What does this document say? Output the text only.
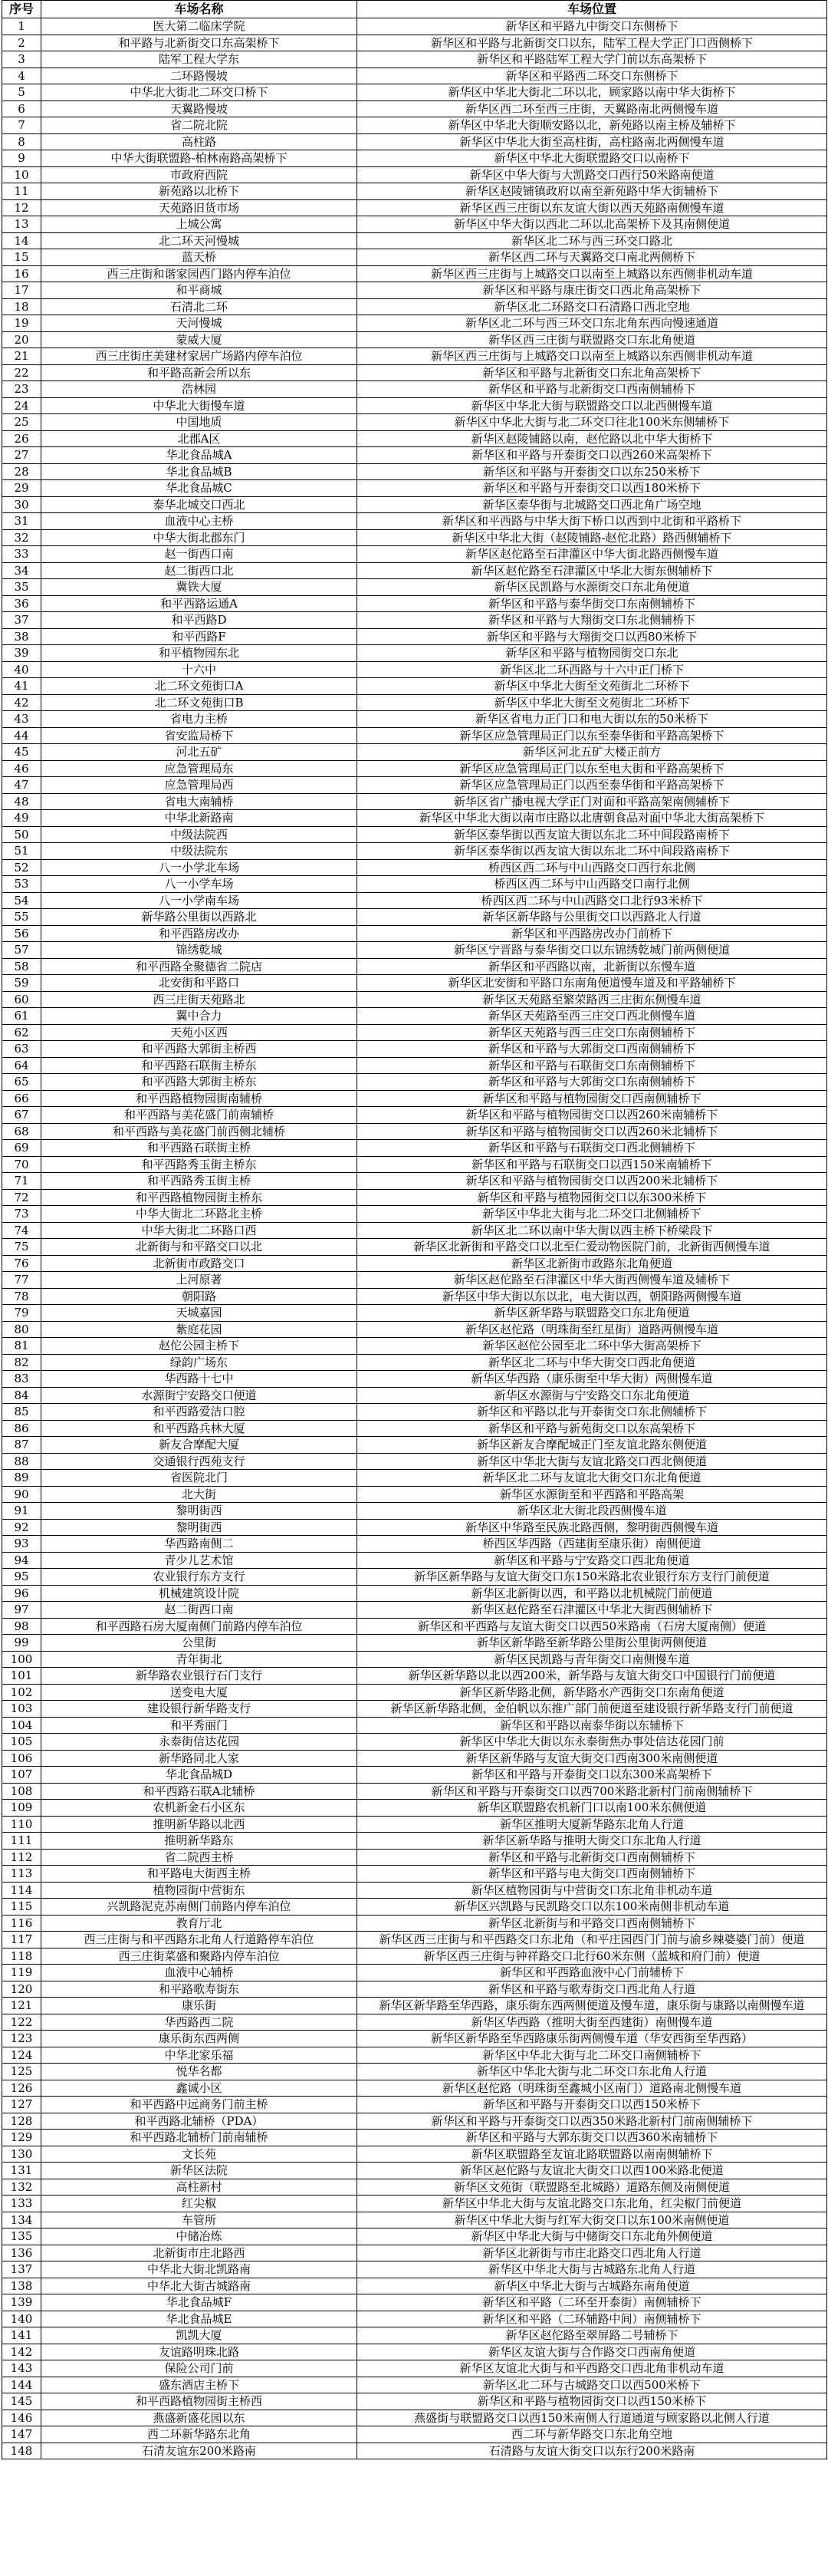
序号	车场名称	车场位置
1	医大第二临床学院	新华区和平路九中街交口东侧桥下
2	和平路与北新街交口东高架桥下	新华区和平路与北新街交口以东，陆军工程大学正门口西侧桥下
3	陆军工程大学东	新华区和平路陆军工程大学门前以东高架桥下
4	二环路慢坡	新华区和平路西二环交口东侧桥下
5	中华北大街北二环交口桥下	新华区中华北大街北二环以北，顾家路以南中华大街桥下
6	天翼路慢坡	新华区西二环至西三庄街，天翼路南北两侧慢车道
7	省二院北院	新华区中华北大街顺安路以北，新苑路以南主桥及辅桥下
8	高柱路	新华区中华北大街至高柱街，高柱路南北两侧慢车道
9	中华大街联盟路-柏林南路高架桥下	新华区中华北大街联盟路交口以南桥下
10	市政府西院	新华区中华大街与大凯路交口西行50米路南便道
11	新苑路以北桥下	新华区赵陵铺镇政府以南至新苑路中华大街辅桥下
12	天苑路旧货市场	新华区西三庄街以东友谊大街以西天苑路南侧慢车道
13	上城公寓	新华区中华大街以西北二环以北高架桥下及其南侧便道
14	北二环天河慢城	新华区北二环与西三环交口路北
15	蓝天桥	新华区西二环与天翼路交口南北两侧桥下
16	西三庄街和谐家园西门路内停车泊位	新华区西三庄街与上城路交口以南至上城路以东西侧非机动车道
17	和平商城	新华区和平路与康庄街交口西北角高架桥下
18	石清北二环	新华区北二环路交口石清路口西北空地
19	天河慢城	新华区北二环与西三环交口东北角东西向慢速通道
20	蒙威大厦	新华区西三庄街与联盟路交口东北角便道
21	西三庄街庄美建材家居广场路内停车泊位	新华区西三庄街与上城路交口以南至上城路以东西侧非机动车道
22	和平路高新会所以东	新华区和平路与北新街交口东北角高架桥下
23	浩林园	新华区和平路与北新街交口西南侧辅桥下
24	中华北大街慢车道	新华区中华北大街与联盟路交口以北西侧慢车道
25	中国地质	新华区中华北大街与北二环交口往北100米东侧辅桥下
26	北郡A区	新华区赵陵铺路以南，赵佗路以北中华大街桥下
27	华北食品城A	新华区和平路与开泰街交口以西260米高架桥下
28	华北食品城B	新华区和平路与开泰街交口以东250米桥下
29	华北食品城C	新华区和平路与开泰街交口以西180米桥下
30	泰华北城交口西北	新华区泰华街与北城路交口西北角广场空地
31	血液中心主桥	新华区和平西路与中华大街下桥口以西到中北街和平路桥下
32	中华大街北郡东门	新华区中华北大街（赵陵铺路-赵佗北路）路西侧辅桥下
33	赵一街西口南	新华区赵佗路至石津灌区中华大街北路西侧慢车道
34	赵二街西口北	新华区赵佗路至石津灌区中华北大街东侧辅桥下
35	冀铁大厦	新华区民凯路与水源街交口东北角便道
36	和平西路运通A	新华区和平路与泰华街交口东南侧辅桥下
37	和平西路D	新华区和平路与大翔街交口东北侧辅桥下
38	和平西路F	新华区和平路与大翔街交口以西80米桥下
39	和平植物园东北	新华区和平路与植物园街交口东北
40	十六中	新华区北二环西路与十六中正门桥下
41	北二环文苑街口A	新华区中华北大街至文苑街北二环桥下
42	北二环文苑街口B	新华区中华北大街至文苑街北二环桥下
43	省电力主桥	新华区省电力正门口和电大街以东的50米桥下
44	省安监局桥下	新华区应急管理局正门以东至泰华街和平路高架桥下
45	河北五矿	新华区河北五矿大楼正前方
46	应急管理局东	新华区应急管理局正门以东至电大街和平路高架桥下
47	应急管理局西	新华区应急管理局正门以西至泰华街和平路高架桥下
48	省电大南辅桥	新华区省广播电视大学正门对面和平路高架南侧辅桥下
49	中华北新路南	新华区中华北大街以南市庄路以北唐朝食品对面中华北大街高架桥下
50	中级法院西	新华区泰华街以西友谊大街以东北二环中间段路南桥下
51	中级法院东	新华区泰华街以西友谊大街以东北二环中间段路南桥下
52	八一小学北车场	桥西区西二环与中山西路交口西行东北侧
53	八一小学车场	桥西区西二环与中山西路交口南行北侧
54	八一小学南车场	桥西区西二环与中山西路交口北行93米桥下
55	新华路公里街以西路北	新华区新华路与公里街交口以西路北人行道
56	和平西路房改办	新华区和平西路房改办门前桥下
57	锦绣乾城	新华区宁晋路与泰华街交口以东锦绣乾城门前两侧便道
58	和平西路全聚德省二院店	新华区和平西路以南，北新街以东慢车道
59	北安街和平路口	新华区北安街和平路口东南角便道慢车道及和平路辅桥下
60	西三庄街天苑路北	新华区天苑路至繁荣路西三庄街东侧慢车道
61	翼中合力	新华区天苑路至西三庄交口西北侧慢车道
62	天苑小区西	新华区天苑路与西三庄交口东南侧辅桥下
63	和平西路大郭街主桥西	新华区和平路与大郭街交口西南侧辅桥下
64	和平西路石联街主桥东	新华区和平路与石联街交口东南侧辅桥下
65	和平西路大郭街主桥东	新华区和平路与大郭街交口东南侧辅桥下
66	和平西路植物园街南辅桥	新华区和平路与植物园街交口西南侧辅桥下
67	和平西路与美花盛门前南辅桥	新华区和平路与植物园街交口以西260米南辅桥下
68	和平西路与美花盛门前西侧北辅桥	新华区和平路与植物园街交口以西260米北辅桥下
69	和平西路石联街主桥	新华区和平路与石联街交口西北侧辅桥下
70	和平西路秀玉街主桥东	新华区和平路与石联街交口以西150米南辅桥下
71	和平西路秀玉街主桥	新华区和平路与植物园街交口以西200米北辅桥下
72	和平西路植物园街主桥东	新华区和平路与植物园街交口以东300米桥下
73	中华大街北二环路北主桥	新华区中华北大街与北二环交口北侧辅桥下
74	中华大街北二环路口西	新华区北二环以南中华大街以西主桥下桥梁段下
75	北新街与和平路交口以北	新华区北新街和平路交口以北至仁爱动物医院门前，北新街西侧慢车道
76	北新街市政路交口	新华区北新街市政路东北角便道
77	上河原著	新华区赵佗路至石津灌区中华大街西侧慢车道及辅桥下
78	朝阳路	新华区中华大街以东以北，电大街以西，朝阳路两侧慢车道
79	天城嘉园	新华区新华路与联盟路交口东北角便道
80	紫庭花园	新华区赵佗路（明珠街至红星街）道路两侧慢车道
81	赵佗公园主桥下	新华区赵佗公园至北二环中华大街高架桥下
82	绿韵广场东	新华区北二环与中华大街交口西北角便道
83	华西路十七中	新华区华西路（康乐街至中华大街）两侧慢车道
84	水源街宁安路交口便道	新华区水源街与宁安路交口东北角便道
85	和平西路爱洁口腔	新华区和平路以北与开泰街交口东北侧辅桥下
86	和平西路兵林大厦	新华区和平路与新苑街交口以东高架桥下
87	新友合摩配大厦	新华区新友合摩配城正门至友谊北路东侧便道
88	交通银行西苑支行	新华区中华北大街与友谊北路交口西北侧便道
89	省医院北门	新华区北二环与友谊北大街交口东北角便道
90	北大街	新华区水源街至和平西路和平路高架
91	黎明街西	新华区北大街北段西侧慢车道
92	黎明街西	新华区中华路至民族北路西侧，黎明街西侧慢车道
93	华西路南侧二	桥西区华西路（西建街至康乐街）南侧便道
94	青少儿艺术馆	新华区和平路与宁安路交口西北角便道
95	农业银行东方支行	新华区新华路与友谊大街交口东150米路北农业银行东方支行门前便道
96	机械建筑设计院	新华区北新街以西，和平路以北机械院门前便道
97	赵二街西口南	新华区赵佗路至石津灌区中华北大街西侧辅桥下
98	和平西路石房大厦南侧门前路内停车泊位	新华区和平西路与友谊大街交口以西50米路南（石房大厦南侧）便道
99	公里街	新华区新华路至新华路公里街公里街两侧便道
100	青年街北	新华区民凯路与青年街交口南侧慢车道
101	新华路农业银行石门支行	新华区新华路以北以西200米，新华路与友谊大街交口中国银行门前便道
102	送变电大厦	新华区新华路北侧，新华路水产西街交口东南角便道
103	建设银行新华路支行	新华区新华路北侧，金伯帆以东推广部门前便道至建设银行新华路支行门前便道
104	和平秀丽门	新华区和平路以南泰华街以东辅桥下
105	永泰街信达花园	新华区中华北大街以东永泰街焦办事处信达花园门前
106	新华路同北人家	新华区新华路与友谊大街交口西南300米南侧便道
107	华北食品城D	新华区和平路与开泰街交口以东300米高架桥下
108	和平西路石联A北辅桥	新华区和平路与开泰街交口以西700米路北新村门前南侧辅桥下
109	农机新金石小区东	新华区联盟路农机新门口以南100米东侧便道
110	推明新华路以北西	新华区推明大厦新华路东北角人行道
111	推明新华路东	新华区新华路与推明大街交口东北角人行道
112	省二院西主桥	新华区和平路与北新街交口西南侧辅桥下
113	和平路电大街西主桥	新华区和平路与电大街交口西南侧辅桥下
114	植物园街中营街东	新华区植物园街与中营街交口东北角非机动车道
115	兴凯路泥克苏南侧门前路内停车泊位	新华区兴凯路与民凯路交口以东100米南侧非机动车道
116	教育厅北	新华区北新街与和平路交口西南侧辅桥下
117	西三庄街与和平西路东北角人行道路停车泊位	新华区西三庄街与和平西路交口东北角（和平庄园西门门前与渝乡辣婆婆门前）便道
118	西三庄街菜盛和聚路内停车泊位	新华区西三庄街与钟祥路交口北行60米东侧（蓝城和府门前）便道
119	血液中心辅桥	新华区和平西路血液中心门前辅桥下
120	和平路歌寿街东	新华区和平路与歌寿街交口西北角人行道
121	康乐街	新华区新华路至华西路，康乐街东西两侧便道及慢车道，康乐街与康路以南侧慢车道
122	华西路西二院	新华区华西路（推明大街至西建街）南侧慢车道
123	康乐街东西两侧	新华区新华路至华西路康乐街两侧慢车道（华安西街至华西路）
124	中华北家乐福	新华区中华北大街与北二环交口南侧辅桥下
125	悦华名都	新华区中华北大街与北二环交口东北角人行道
126	鑫诚小区	新华区赵佗路（明珠街至鑫城小区南门）道路南北侧慢车道
127	和平西路中远商务门前主桥	新华区和平路与开泰街交口以西150米桥下
128	和平西路北辅桥（PDA）	新华区和平路与开泰街交口以西350米路北新村门前南侧辅桥下
129	和平西路北辅桥门前南辅桥	新华区和平路与大郭东街交口以西360米南辅桥下
130	文长苑	新华区联盟路至友谊北路联盟路以南南侧辅桥下
131	新华区法院	新华区赵佗路与友谊北大街交口以西100米路北便道
132	高柱新村	新华区文苑街（联盟路至北城路）道路东侧及南侧便道
133	红尖椒	新华区中华北大街与友谊北路交口东北角，红尖椒门前便道
134	车管所	新华区中华北大街与红军大街交口以东100米南侧便道
135	中储冶炼	新华区中华北大街与中储街交口东北角外侧便道
136	北新街市庄北路西	新华区北新街与市庄北路交口西北角人行道
137	中华北大街北凯路南	新华区中华北大街与古城路东北角人行道
138	中华北大街古城路南	新华区中华北大街与古城路东南角便道
139	华北食品城F	新华区和平路（二环至开泰街）南侧辅桥下
140	华北食品城E	新华区和平路（二环辅路中间）南侧辅桥下
141	凯凯大厦	新华区赵佗路至翠屏路二号辅桥下
142	友谊路明珠北路	新华区友谊大街与合作路交口西南角便道
143	保险公司门前	新华区友谊北大街与和平西路交口西北角非机动车道
144	盛东酒店主桥下	新华区北二环与古城路交口以西500米桥下
145	和平西路植物园街主桥西	新华区和平路与植物园街交口以西150米桥下
146	燕盛新盛花园以东	燕盛街与联盟路交口以西150米南侧人行道通道与顾家路以北侧人行道
147	西二环新华路东北角	西二环与新华路交口东北角空地
148	石清友谊东200米路南	石清路与友谊大街交口以东行200米路南
